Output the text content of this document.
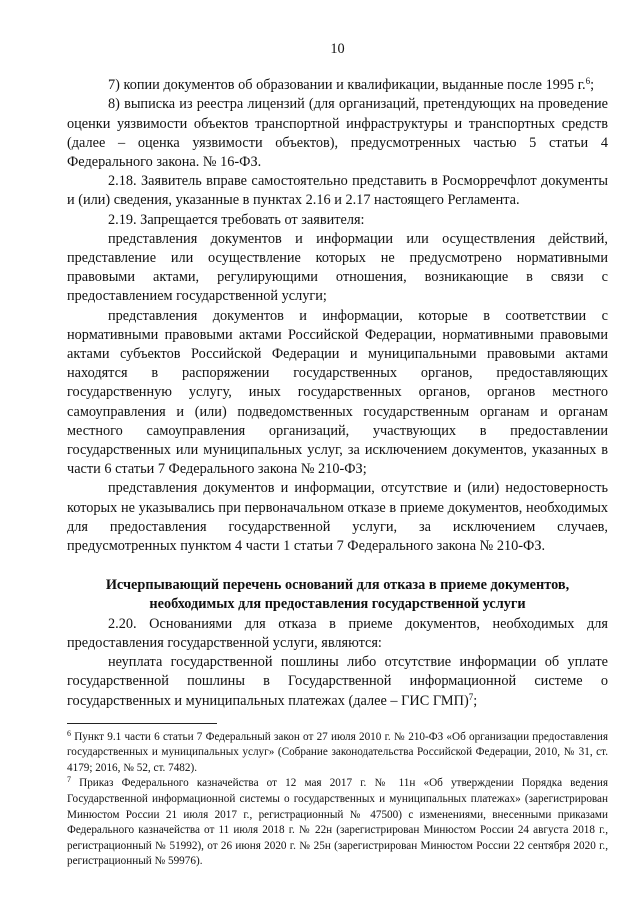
10

7) копии документов об образовании и квалификации, выданные после 1995 г.$^6$;

8) выписка из реестра лицензий (для организаций, претендующих на проведение оценки уязвимости объектов транспортной инфраструктуры и транспортных средств (далее – оценка уязвимости объектов), предусмотренных частью 5 статьи 4 Федерального закона. № 16-ФЗ.

2.18. Заявитель вправе самостоятельно представить в Росморречфлот документы и (или) сведения, указанные в пунктах 2.16 и 2.17 настоящего Регламента.

2.19. Запрещается требовать от заявителя:

представления документов и информации или осуществления действий, представление или осуществление которых не предусмотрено нормативными правовыми актами, регулирующими отношения, возникающие в связи с предоставлением государственной услуги;

представления документов и информации, которые в соответствии с нормативными правовыми актами Российской Федерации, нормативными правовыми актами субъектов Российской Федерации и муниципальными правовыми актами находятся в распоряжении государственных органов, предоставляющих государственную услугу, иных государственных органов, органов местного самоуправления и (или) подведомственных государственным органам и органам местного самоуправления организаций, участвующих в предоставлении государственных или муниципальных услуг, за исключением документов, указанных в части 6 статьи 7 Федерального закона № 210-ФЗ;

представления документов и информации, отсутствие и (или) недостоверность которых не указывались при первоначальном отказе в приеме документов, необходимых для предоставления государственной услуги, за исключением случаев, предусмотренных пунктом 4 части 1 статьи 7 Федерального закона № 210-ФЗ.

Исчерпывающий перечень оснований для отказа в приеме документов,
необходимых для предоставления государственной услуги

2.20. Основаниями для отказа в приеме документов, необходимых для предоставления государственной услуги, являются:

неуплата государственной пошлины либо отсутствие информации об уплате государственной пошлины в Государственной информационной системе о государственных и муниципальных платежах (далее – ГИС ГМП)$^7$;

$^6$ Пункт 9.1 части 6 статьи 7 Федеральный закон от 27 июля 2010 г. № 210-ФЗ «Об организации предоставления государственных и муниципальных услуг» (Собрание законодательства Российской Федерации, 2010, № 31, ст. 4179; 2016, № 52, ст. 7482).

$^7$ Приказ Федерального казначейства от 12 мая 2017 г. № 11н «Об утверждении Порядка ведения Государственной информационной системы о государственных и муниципальных платежах» (зарегистрирован Минюстом России 21 июля 2017 г., регистрационный № 47500) с изменениями, внесенными приказами Федерального казначейства от 11 июля 2018 г. № 22н (зарегистрирован Минюстом России 24 августа 2018 г., регистрационный № 51992), от 26 июня 2020 г. № 25н (зарегистрирован Минюстом России 22 сентября 2020 г., регистрационный № 59976).
